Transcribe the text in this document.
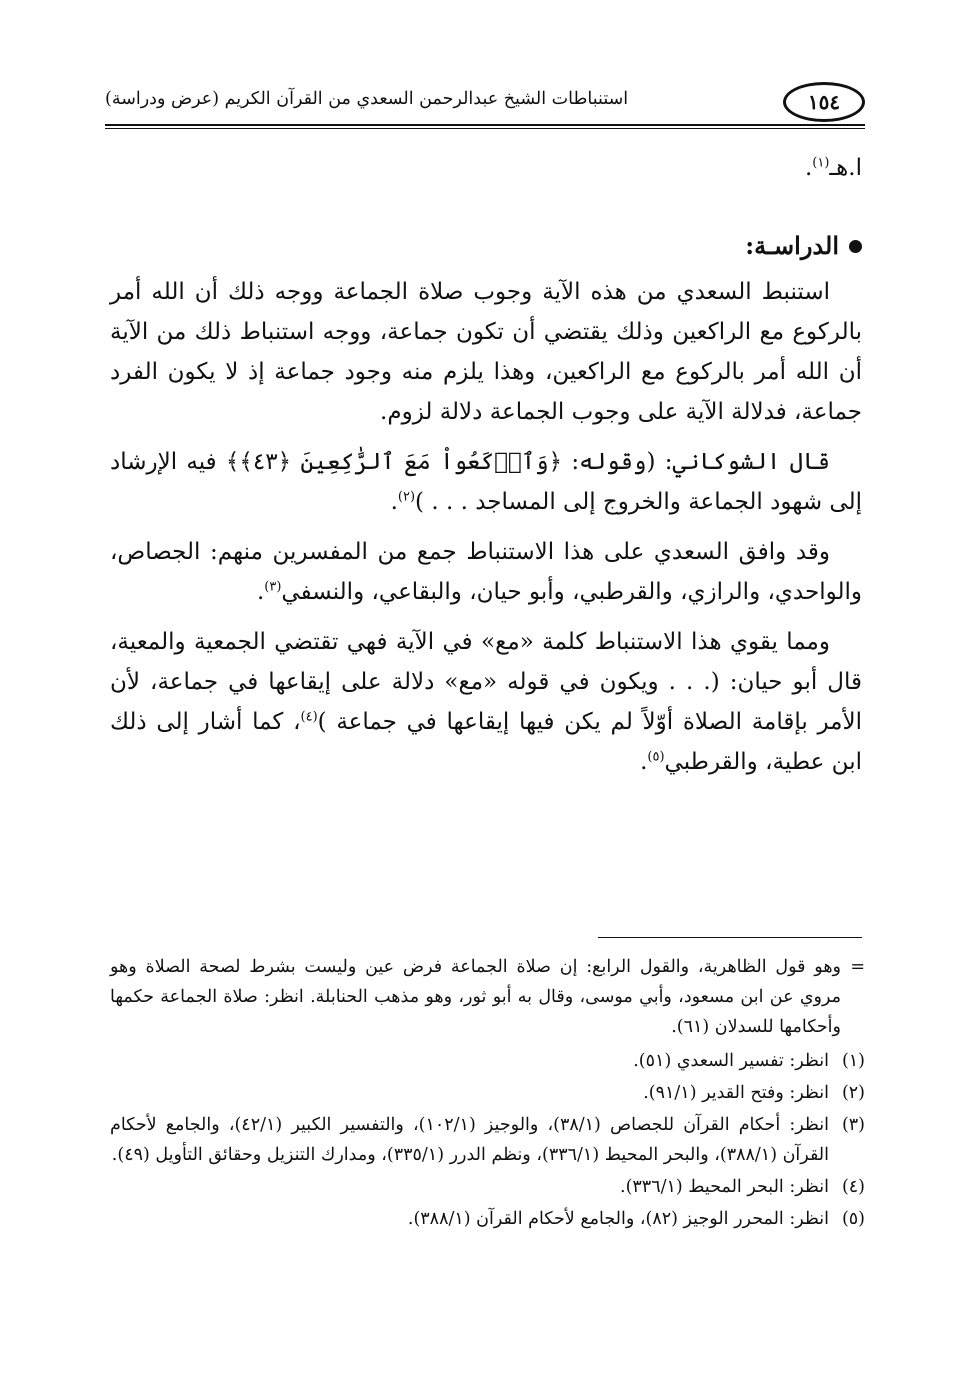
١٥٤
استنباطات الشيخ عبدالرحمن السعدي من القرآن الكريم (عرض ودراسة)

ا.هـ$^{(١)}$.

الدراسـة:

استنبط السعدي من هذه الآية وجوب صلاة الجماعة ووجه ذلك أن الله أمر بالركوع مع الراكعين وذلك يقتضي أن تكون جماعة، ووجه استنباط ذلك من الآية أن الله أمر بالركوع مع الراكعين، وهذا يلزم منه وجود جماعة إذ لا يكون الفرد جماعة، فدلالة الآية على وجوب الجماعة دلالة لزوم.

قال الشوكاني: (وقوله: ﴿وَٱرۡكَعُواْ مَعَ ٱلرَّٰكِعِينَ ﴿٤٣﴾﴾ فيه الإرشاد إلى شهود الجماعة والخروج إلى المساجد . . . )$^{(٢)}$.

وقد وافق السعدي على هذا الاستنباط جمع من المفسرين منهم: الجصاص، والواحدي، والرازي، والقرطبي، وأبو حيان، والبقاعي، والنسفي$^{(٣)}$.

ومما يقوي هذا الاستنباط كلمة «مع» في الآية فهي تقتضي الجمعية والمعية، قال أبو حيان: (. . . ويكون في قوله «مع» دلالة على إيقاعها في جماعة، لأن الأمر بإقامة الصلاة أوّلاً لم يكن فيها إيقاعها في جماعة )$^{(٤)}$، كما أشار إلى ذلك ابن عطية، والقرطبي$^{(٥)}$.

=
وهو قول الظاهرية، والقول الرابع: إن صلاة الجماعة فرض عين وليست بشرط لصحة الصلاة وهو مروي عن ابن مسعود، وأبي موسى، وقال به أبو ثور، وهو مذهب الحنابلة. انظر: صلاة الجماعة حكمها وأحكامها للسدلان (٦١).

(١)
انظر: تفسير السعدي (٥١).

(٢)
انظر: وفتح القدير (٩١/١).

(٣)
انظر: أحكام القرآن للجصاص (٣٨/١)، والوجيز (١٠٢/١)، والتفسير الكبير (٤٢/١)، والجامع لأحكام القرآن (٣٨٨/١)، والبحر المحيط (٣٣٦/١)، ونظم الدرر (٣٣٥/١)، ومدارك التنزيل وحقائق التأويل (٤٩).

(٤)
انظر: البحر المحيط (٣٣٦/١).

(٥)
انظر: المحرر الوجيز (٨٢)، والجامع لأحكام القرآن (٣٨٨/١).
